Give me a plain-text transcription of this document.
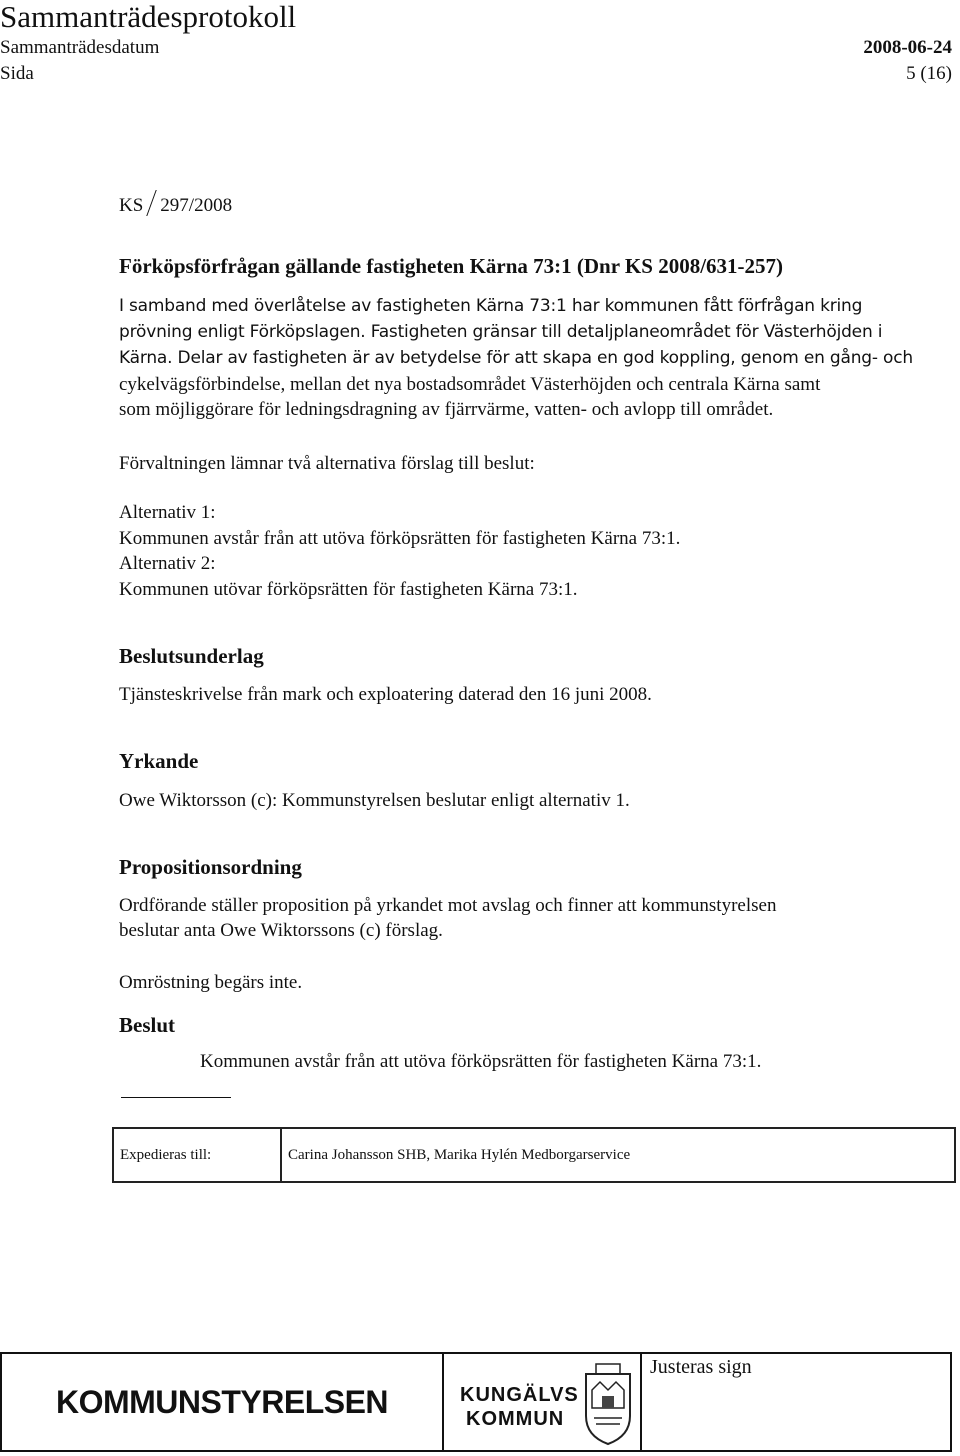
Sammanträdesprotokoll
Sammanträdesdatum	2008-06-24
Sida	5 (16)
KS 297/2008
Förköpsförfrågan gällande fastigheten Kärna 73:1 (Dnr KS 2008/631-257)
I samband med överlåtelse av fastigheten Kärna 73:1 har kommunen fått förfrågan kring
prövning enligt Förköpslagen. Fastigheten gränsar till detaljplaneområdet för Västerhöjden i
Kärna. Delar av fastigheten är av betydelse för att skapa en god koppling, genom en gång- och
cykelvägsförbindelse, mellan det nya bostadsområdet Västerhöjden och centrala Kärna samt
som möjliggörare för ledningsdragning av fjärrvärme, vatten- och avlopp till området.
Förvaltningen lämnar två alternativa förslag till beslut:
Alternativ 1:
Kommunen avstår från att utöva förköpsrätten för fastigheten Kärna 73:1.
Alternativ 2:
Kommunen utövar förköpsrätten för fastigheten Kärna 73:1.
Beslutsunderlag
Tjänsteskrivelse från mark och exploatering daterad den 16 juni 2008.
Yrkande
Owe Wiktorsson (c): Kommunstyrelsen beslutar enligt alternativ 1.
Propositionsordning
Ordförande ställer proposition på yrkandet mot avslag och finner att kommunstyrelsen
beslutar anta Owe Wiktorssons (c) förslag.
Omröstning begärs inte.
Beslut
Kommunen avstår från att utöva förköpsrätten för fastigheten Kärna 73:1.
Expedieras till:	Carina Johansson SHB, Marika Hylén Medborgarservice
KOMMUNSTYRELSEN	KUNGÄLVS
KOMMUN
Justeras sign
